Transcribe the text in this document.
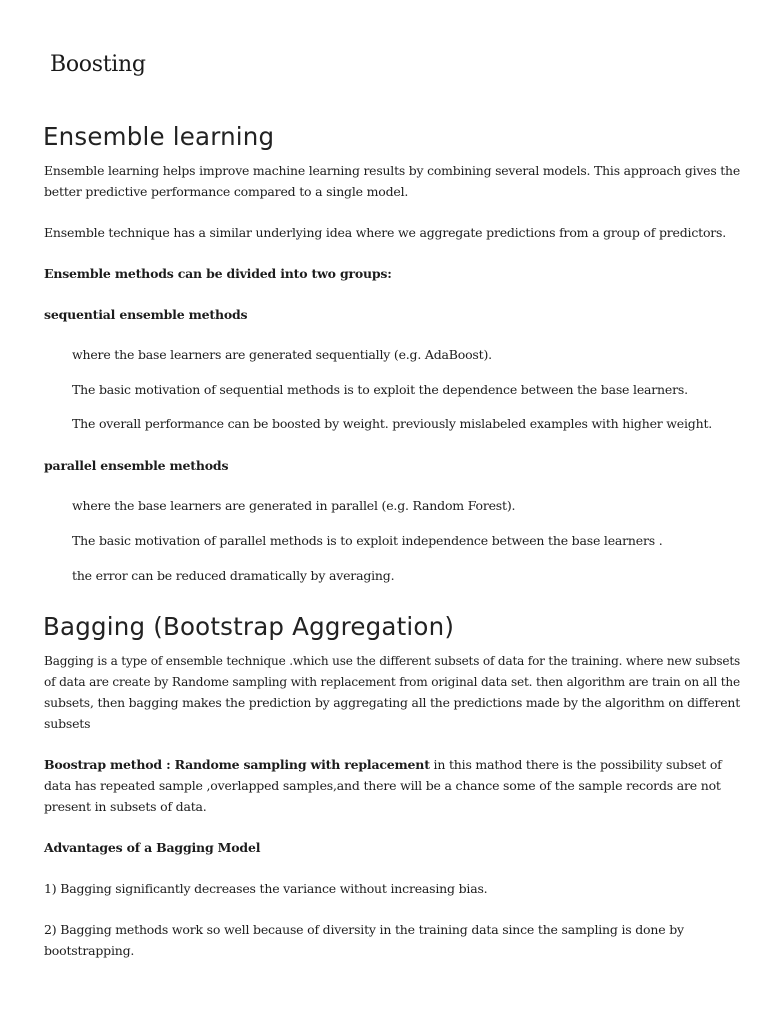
Boosting
Ensemble learning
Ensemble learning helps improve machine learning results by combining several models. This approach gives the
better predictive performance compared to a single model.
Ensemble technique has a similar underlying idea where we aggregate predictions from a group of predictors.
Ensemble methods can be divided into two groups:
sequential ensemble methods
where the base learners are generated sequentially (e.g. AdaBoost).
The basic motivation of sequential methods is to exploit the dependence between the base learners.
The overall performance can be boosted by weight. previously mislabeled examples with higher weight.
parallel ensemble methods
where the base learners are generated in parallel (e.g. Random Forest).
The basic motivation of parallel methods is to exploit independence between the base learners .
the error can be reduced dramatically by averaging.
Bagging (Bootstrap Aggregation)
Bagging is a type of ensemble technique .which use the different subsets of data for the training. where new subsets
of data are create by Randome sampling with replacement from original data set. then algorithm are train on all the
subsets, then bagging makes the prediction by aggregating all the predictions made by the algorithm on different
subsets
Boostrap method : Randome sampling with replacement in this mathod there is the possibility subset of
data has repeated sample ,overlapped samples,and there will be a chance some of the sample records are not
present in subsets of data.
Advantages of a Bagging Model
1) Bagging significantly decreases the variance without increasing bias.
2) Bagging methods work so well because of diversity in the training data since the sampling is done by
bootstrapping.
